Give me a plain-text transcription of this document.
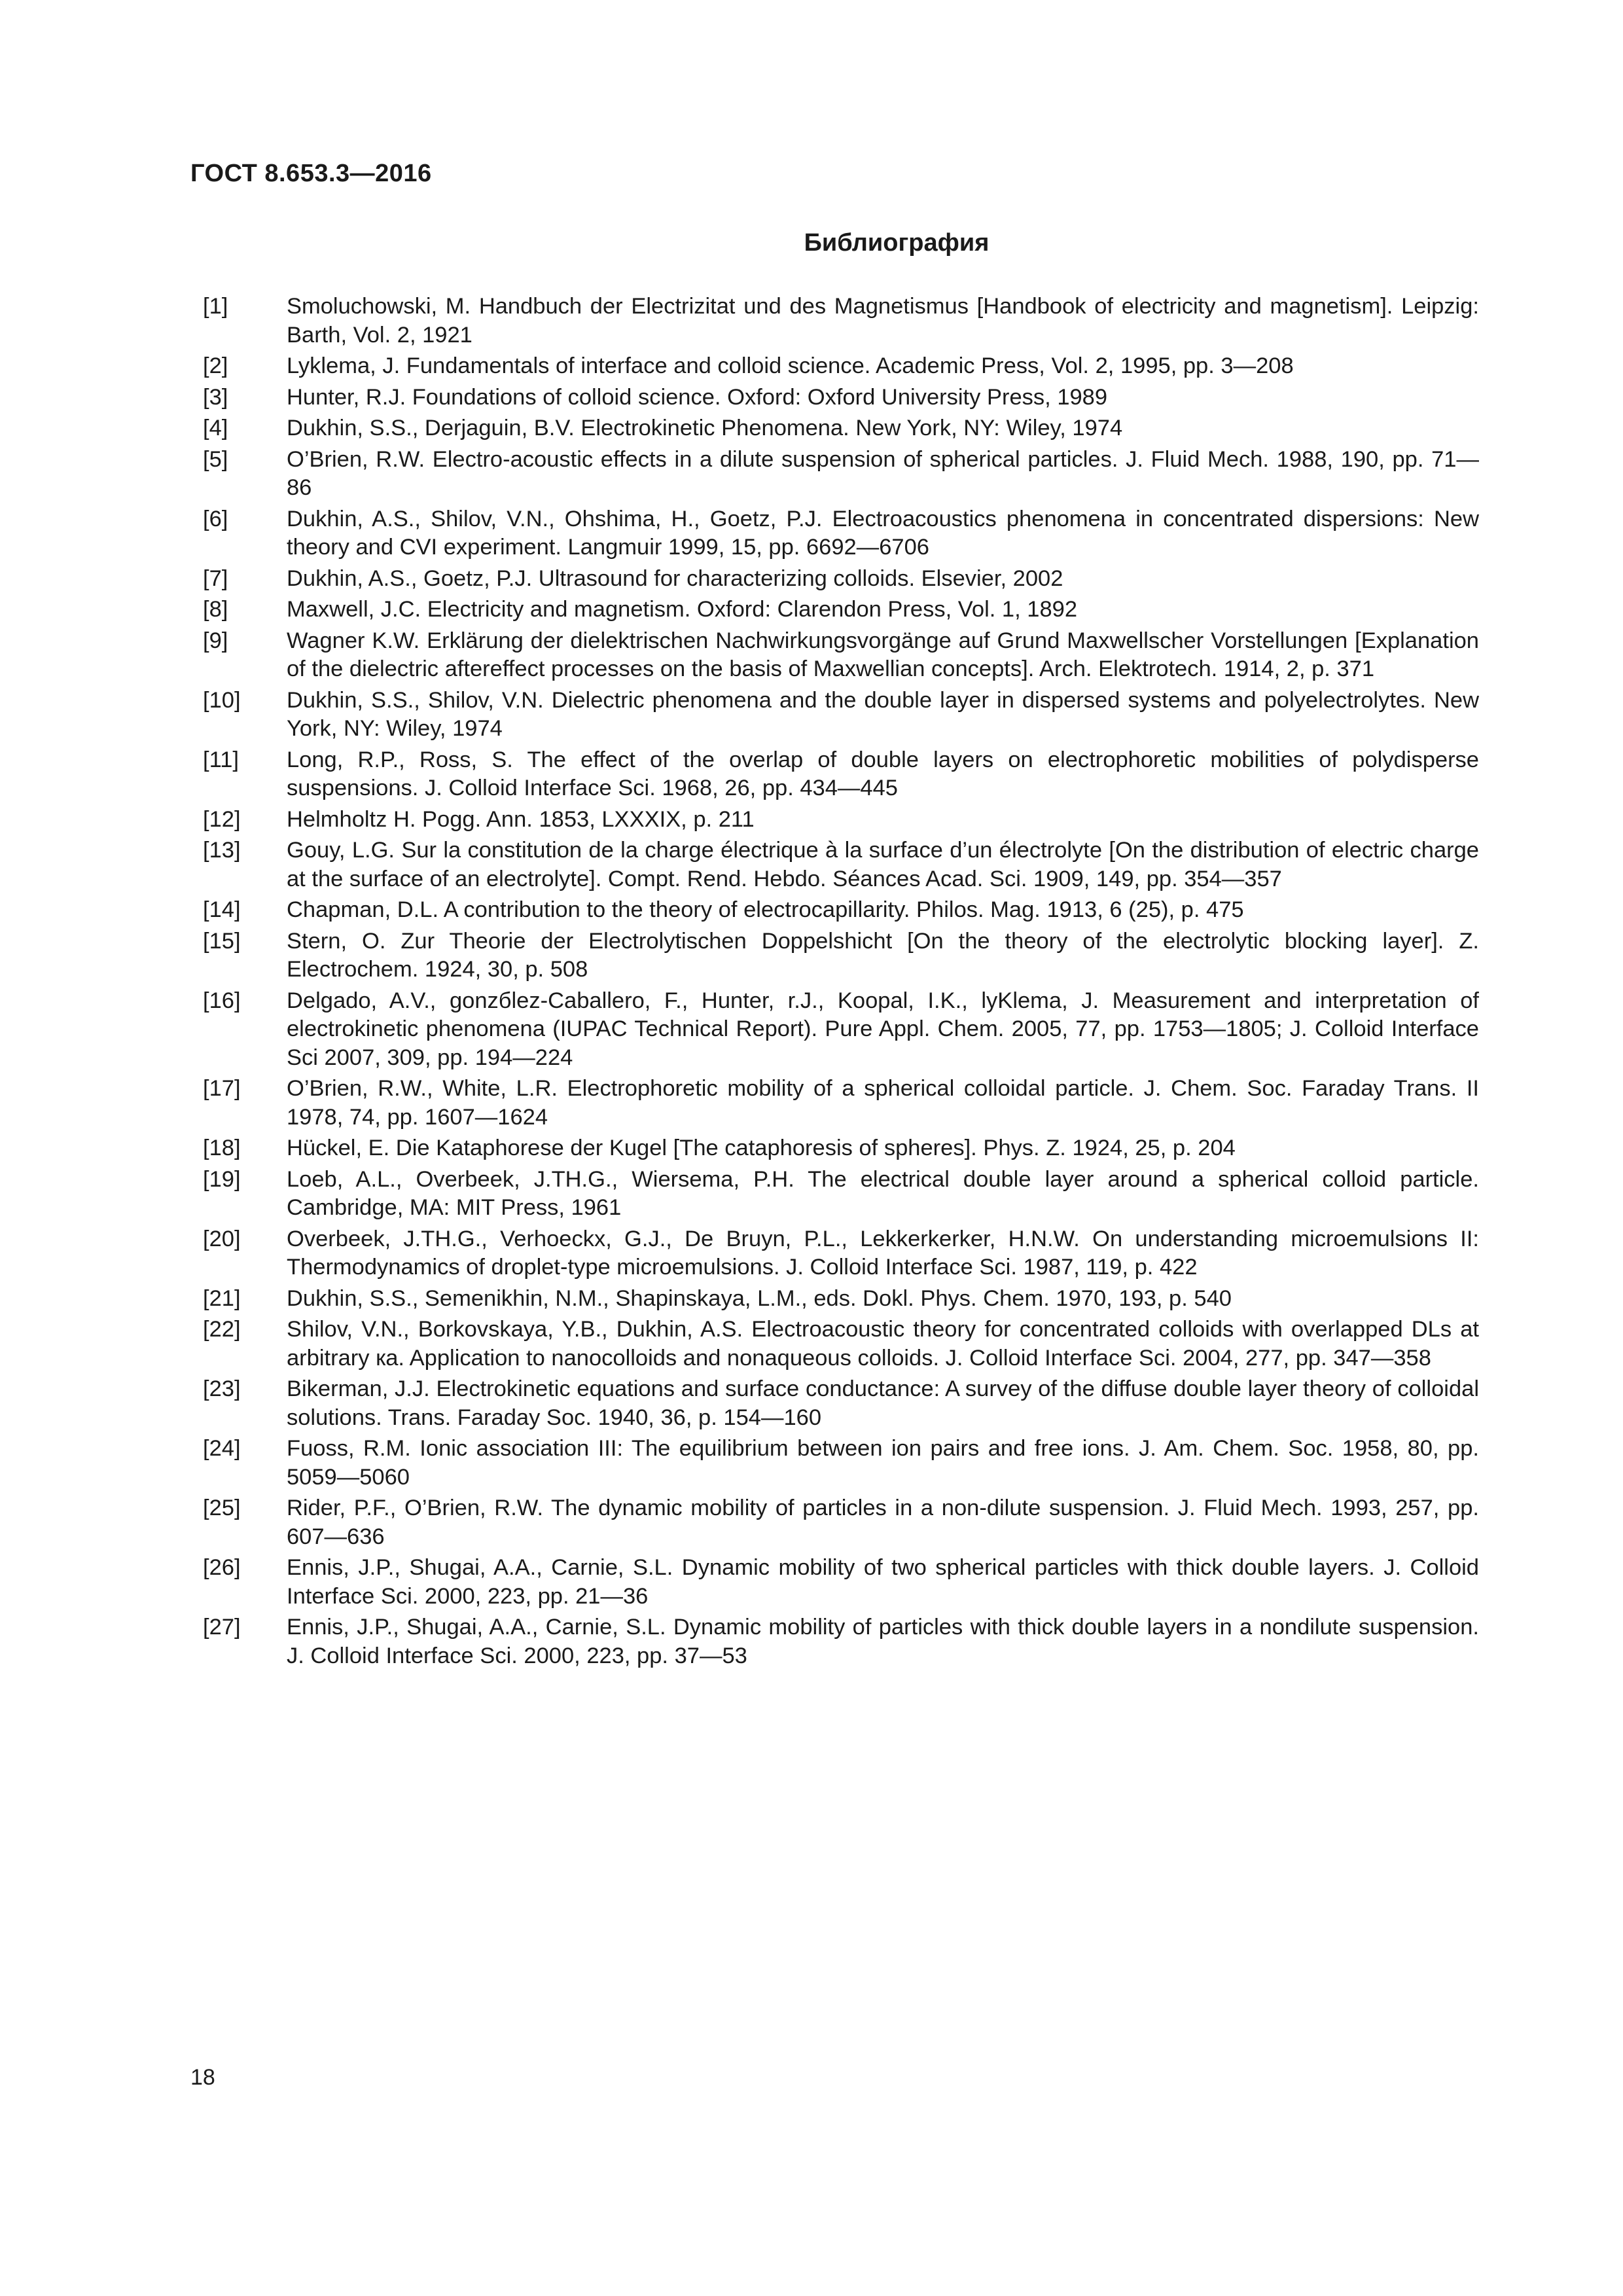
ГОСТ 8.653.3—2016
Библиография
[1]	Smoluchowski, M. Handbuch der Electrizitat und des Magnetismus [Handbook of electricity and magnetism]. Leipzig: Barth, Vol. 2, 1921
[2]	Lyklema, J. Fundamentals of interface and colloid science. Academic Press, Vol. 2, 1995, pp. 3—208
[3]	Hunter, R.J. Foundations of colloid science. Oxford: Oxford University Press, 1989
[4]	Dukhin, S.S., Derjaguin, B.V. Electrokinetic Phenomena. New York, NY: Wiley, 1974
[5]	O’Brien, R.W. Electro-acoustic effects in a dilute suspension of spherical particles. J. Fluid Mech. 1988, 190, pp. 71—86
[6]	Dukhin, A.S., Shilov, V.N., Ohshima, H., Goetz, P.J. Electroacoustics phenomena in concentrated dispersions: New theory and CVI experiment. Langmuir 1999, 15, pp. 6692—6706
[7]	Dukhin, A.S., Goetz, P.J. Ultrasound for characterizing colloids. Elsevier, 2002
[8]	Maxwell, J.C. Electricity and magnetism. Oxford: Clarendon Press, Vol. 1, 1892
[9]	Wagner K.W. Erklärung der dielektrischen Nachwirkungsvorgänge auf Grund Maxwellscher Vorstellungen [Explanation of the dielectric aftereffect processes on the basis of Maxwellian concepts]. Arch. Elektrotech. 1914, 2, p. 371
[10]	Dukhin, S.S., Shilov, V.N. Dielectric phenomena and the double layer in dispersed systems and polyelectrolytes. New York, NY: Wiley, 1974
[11]	Long, R.P., Ross, S. The effect of the overlap of double layers on electrophoretic mobilities of polydisperse suspensions. J. Colloid Interface Sci. 1968, 26, pp. 434—445
[12]	Helmholtz H. Pogg. Ann. 1853, LXXXIX, p. 211
[13]	Gouy, L.G. Sur la constitution de la charge électrique à la surface d’un électrolyte [On the distribution of electric charge at the surface of an electrolyte]. Compt. Rend. Hebdo. Séances Acad. Sci. 1909, 149, pp. 354—357
[14]	Chapman, D.L. A contribution to the theory of electrocapillarity. Philos. Mag. 1913, 6 (25), p. 475
[15]	Stern, O. Zur Theorie der Electrolytischen Doppelshicht [On the theory of the electrolytic blocking layer]. Z. Electrochem. 1924, 30, p. 508
[16]	Delgado, A.V., gonzбlez-Caballero, F., Hunter, r.J., Koopal, I.K., lyKlema, J. Measurement and interpretation of electrokinetic phenomena (IUPAC Technical Report). Pure Appl. Chem. 2005, 77, pp. 1753—1805; J. Colloid Interface Sci 2007, 309, pp. 194—224
[17]	O’Brien, R.W., White, L.R. Electrophoretic mobility of a spherical colloidal particle. J. Chem. Soc. Faraday Trans. II 1978, 74, pp. 1607—1624
[18]	Hückel, E. Die Kataphorese der Kugel [The cataphoresis of spheres]. Phys. Z. 1924, 25, p. 204
[19]	Loeb, A.L., Overbeek, J.TH.G., Wiersema, P.H. The electrical double layer around a spherical colloid particle. Cambridge, MA: MIT Press, 1961
[20]	Overbeek, J.TH.G., Verhoeckx, G.J., De Bruyn, P.L., Lekkerkerker, H.N.W. On understanding microemulsions II: Thermodynamics of droplet-type microemulsions. J. Colloid Interface Sci. 1987, 119, p. 422
[21]	Dukhin, S.S., Semenikhin, N.M., Shapinskaya, L.M., eds. Dokl. Phys. Chem. 1970, 193, p. 540
[22]	Shilov, V.N., Borkovskaya, Y.B., Dukhin, A.S. Electroacoustic theory for concentrated colloids with overlapped DLs at arbitrary кa. Application to nanocolloids and nonaqueous colloids. J. Colloid Interface Sci. 2004, 277, pp. 347—358
[23]	Bikerman, J.J. Electrokinetic equations and surface conductance: A survey of the diffuse double layer theory of colloidal solutions. Trans. Faraday Soc. 1940, 36, p. 154—160
[24]	Fuoss, R.M. Ionic association III: The equilibrium between ion pairs and free ions. J. Am. Chem. Soc. 1958, 80, pp. 5059—5060
[25]	Rider, P.F., O’Brien, R.W. The dynamic mobility of particles in a non-dilute suspension. J. Fluid Mech. 1993, 257, pp. 607—636
[26]	Ennis, J.P., Shugai, A.A., Carnie, S.L. Dynamic mobility of two spherical particles with thick double layers. J. Colloid Interface Sci. 2000, 223, pp. 21—36
[27]	Ennis, J.P., Shugai, A.A., Carnie, S.L. Dynamic mobility of particles with thick double layers in a nondilute suspension. J. Colloid Interface Sci. 2000, 223, pp. 37—53
18
